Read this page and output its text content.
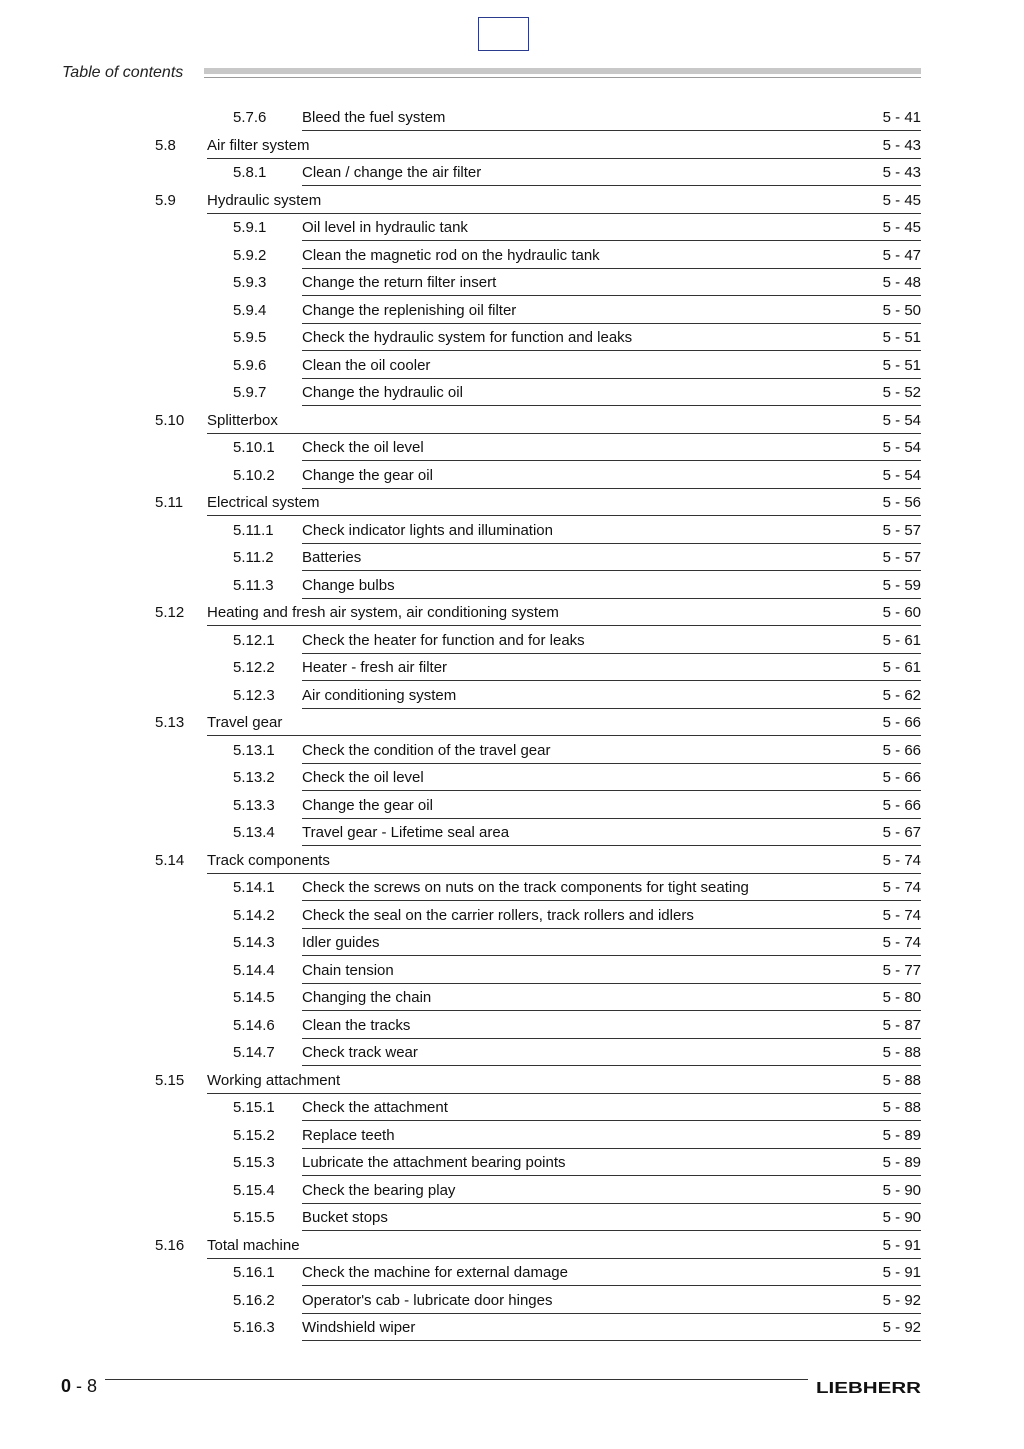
Table of contents
5.7.6 Bleed the fuel system	5 - 41
5.8 Air filter system	5 - 43
5.8.1 Clean / change the air filter	5 - 43
5.9 Hydraulic system	5 - 45
5.9.1 Oil level in hydraulic tank	5 - 45
5.9.2 Clean the magnetic rod on the hydraulic tank	5 - 47
5.9.3 Change the return filter insert	5 - 48
5.9.4 Change the replenishing oil filter	5 - 50
5.9.5 Check the hydraulic system for function and leaks	5 - 51
5.9.6 Clean the oil cooler	5 - 51
5.9.7 Change the hydraulic oil	5 - 52
5.10 Splitterbox	5 - 54
5.10.1 Check the oil level	5 - 54
5.10.2 Change the gear oil	5 - 54
5.11 Electrical system	5 - 56
5.11.1 Check indicator lights and illumination	5 - 57
5.11.2 Batteries	5 - 57
5.11.3 Change bulbs	5 - 59
5.12 Heating and fresh air system, air conditioning system	5 - 60
5.12.1 Check the heater for function and for leaks	5 - 61
5.12.2 Heater - fresh air filter	5 - 61
5.12.3 Air conditioning system	5 - 62
5.13 Travel gear	5 - 66
5.13.1 Check the condition of the travel gear	5 - 66
5.13.2 Check the oil level	5 - 66
5.13.3 Change the gear oil	5 - 66
5.13.4 Travel gear - Lifetime seal area	5 - 67
5.14 Track components	5 - 74
5.14.1 Check the screws on nuts on the track components for tight seating	5 - 74
5.14.2 Check the seal on the carrier rollers, track rollers and idlers	5 - 74
5.14.3 Idler guides	5 - 74
5.14.4 Chain tension	5 - 77
5.14.5 Changing the chain	5 - 80
5.14.6 Clean the tracks	5 - 87
5.14.7 Check track wear	5 - 88
5.15 Working attachment	5 - 88
5.15.1 Check the attachment	5 - 88
5.15.2 Replace teeth	5 - 89
5.15.3 Lubricate the attachment bearing points	5 - 89
5.15.4 Check the bearing play	5 - 90
5.15.5 Bucket stops	5 - 90
5.16 Total machine	5 - 91
5.16.1 Check the machine for external damage	5 - 91
5.16.2 Operator's cab - lubricate door hinges	5 - 92
5.16.3 Windshield wiper	5 - 92
0 - 8	LIEBHERR
